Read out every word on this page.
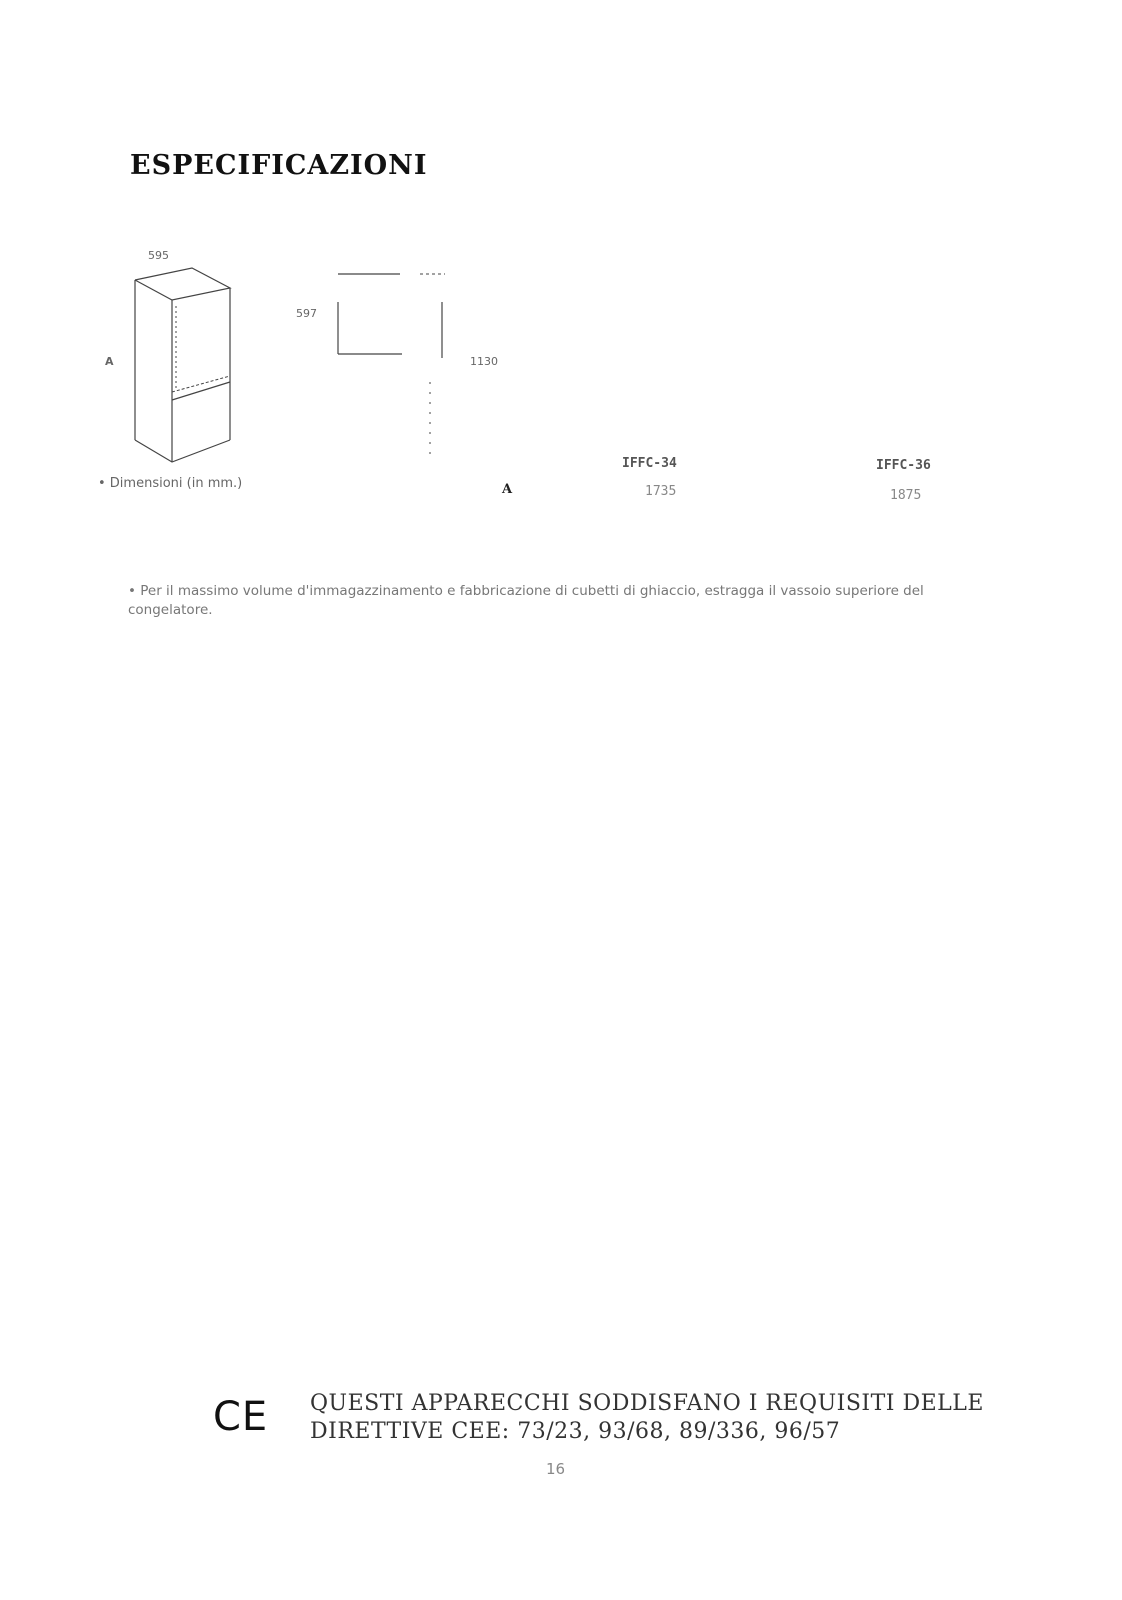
ESPECIFICAZIONI
595
A
597
1130
• Dimensioni (in mm.)	A
IFFC-34
1735
IFFC-36
1875
• Per il massimo volume d'immagazzinamento e fabbricazione di cubetti di ghiaccio, estragga il vassoio superiore del congelatore.
CE QUESTI APPARECCHI SODDISFANO I REQUISITI DELLE
DIRETTIVE CEE: 73/23, 93/68, 89/336, 96/57
16
